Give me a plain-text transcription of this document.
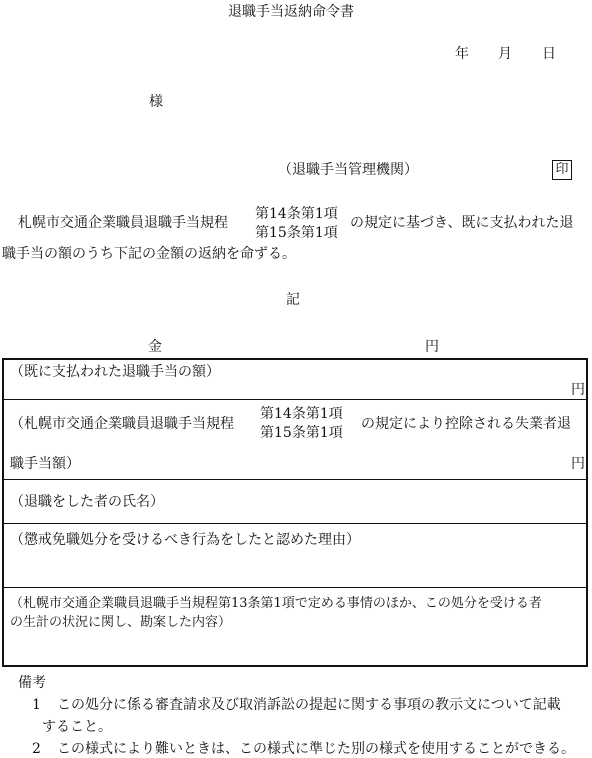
退職手当返納命令書
年 月 日
様
（退職手当管理機関）	印
札幌市交通企業職員退職手当規程
第14条第1項
第15条第1項
の規定に基づき、既に支払われた退
職手当の額のうち下記の金額の返納を命ずる。
記
金	円
（既に支払われた退職手当の額）
円
（札幌市交通企業職員退職手当規程
第14条第1項
第15条第1項
の規定により控除される失業者退
職手当額）	円
（退職をした者の氏名）
（懲戒免職処分を受けるべき行為をしたと認めた理由）
（札幌市交通企業職員退職手当規程第13条第1項で定める事情のほか、この処分を受ける者
の生計の状況に関し、勘案した内容）
備考
1 この処分に係る審査請求及び取消訴訟の提起に関する事項の教示文について記載
すること。
2 この様式により難いときは、この様式に準じた別の様式を使用することができる。
